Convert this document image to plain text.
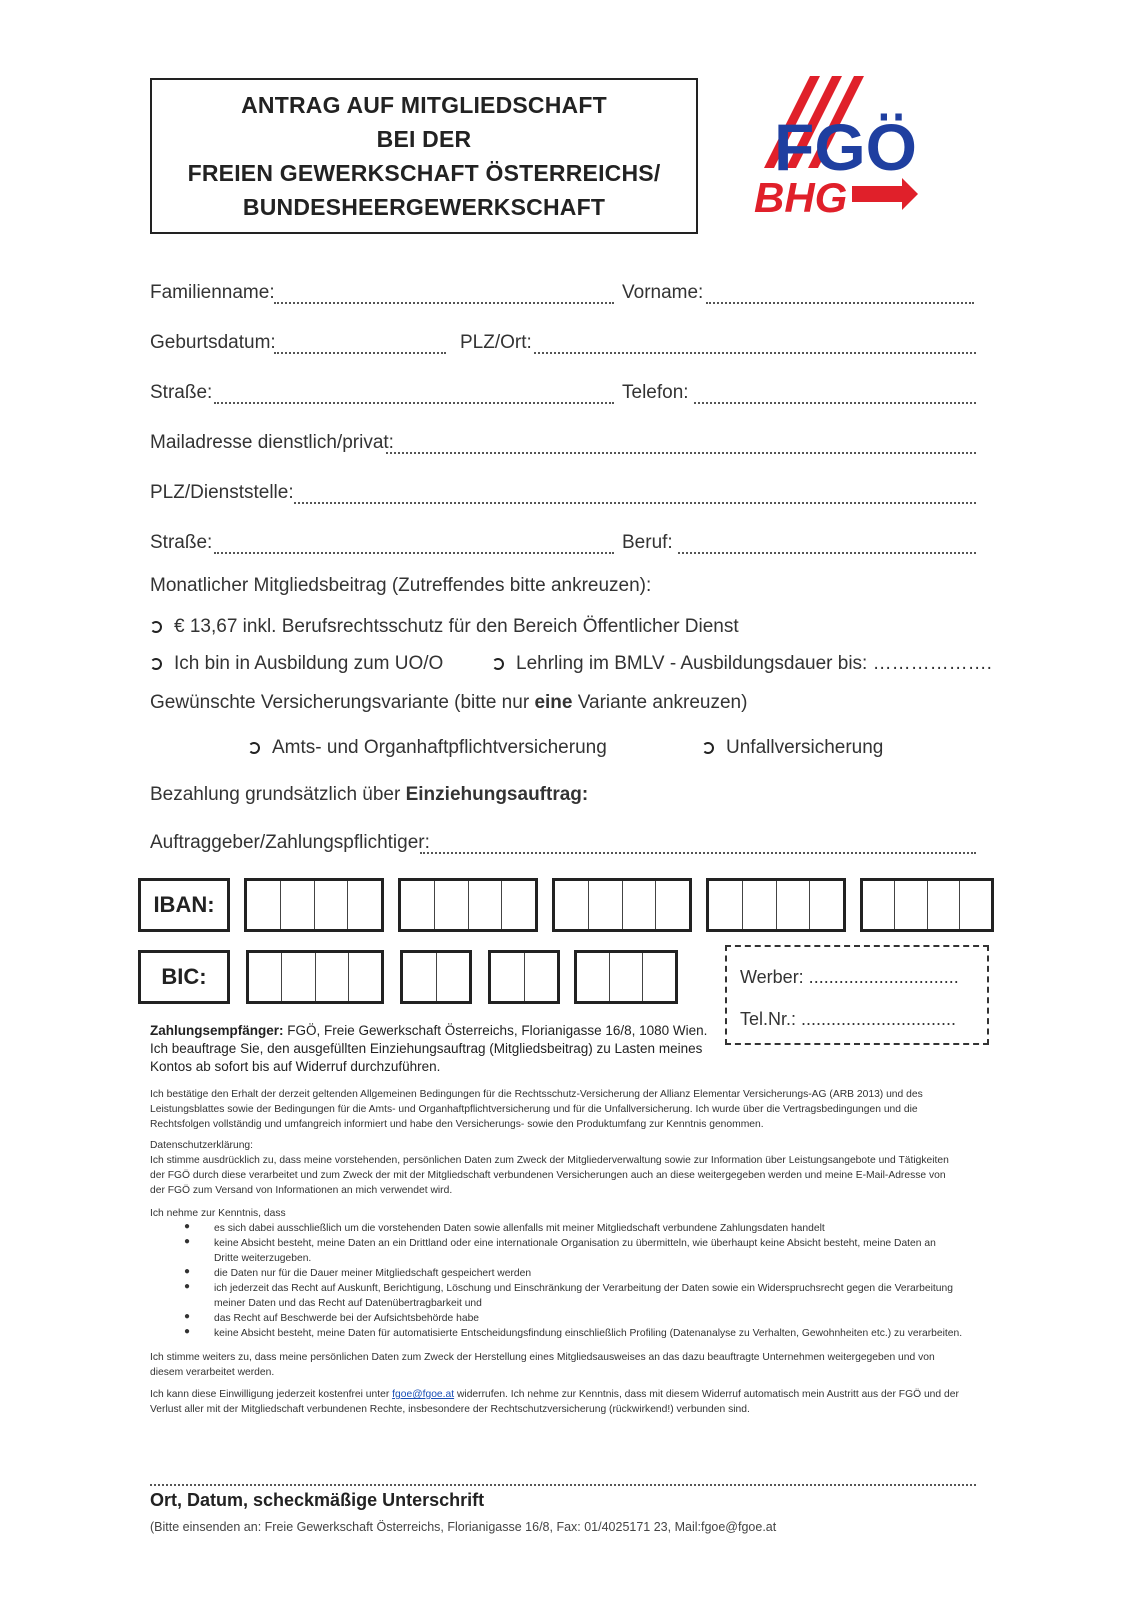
ANTRAG AUF MITGLIEDSCHAFT
BEI DER
FREIEN GEWERKSCHAFT ÖSTERREICHS/
BUNDESHEERGEWERKSCHAFT
FGÖ
BHG
Familienname:	Vorname:
Geburtsdatum:	PLZ/Ort:
Straße:	Telefon:
Mailadresse dienstlich/privat:
PLZ/Dienststelle:
Straße:	Beruf:
Monatlicher Mitgliedsbeitrag (Zutreffendes bitte ankreuzen):
€ 13,67 inkl. Berufsrechtsschutz für den Bereich Öffentlicher Dienst
Ich bin in Ausbildung zum UO/O	Lehrling im BMLV - Ausbildungsdauer bis: ……………….
Gewünschte Versicherungsvariante (bitte nur eine Variante ankreuzen)
Amts- und Organhaftpflichtversicherung	Unfallversicherung
Bezahlung grundsätzlich über Einziehungsauftrag:
Auftraggeber/Zahlungspflichtiger:
IBAN:
BIC:	Werber: ..............................
Tel.Nr.: ...............................
Zahlungsempfänger: FGÖ, Freie Gewerkschaft Österreichs, Florianigasse 16/8, 1080 Wien.
Ich beauftrage Sie, den ausgefüllten Einziehungsauftrag (Mitgliedsbeitrag) zu Lasten meines
Kontos ab sofort bis auf Widerruf durchzuführen.
Ich bestätige den Erhalt der derzeit geltenden Allgemeinen Bedingungen für die Rechtsschutz-Versicherung der Allianz Elementar Versicherungs-AG (ARB 2013) und des
Leistungsblattes sowie der Bedingungen für die Amts- und Organhaftpflichtversicherung und für die Unfallversicherung. Ich wurde über die Vertragsbedingungen und die
Rechtsfolgen vollständig und umfangreich informiert und habe den Versicherungs- sowie den Produktumfang zur Kenntnis genommen.
Datenschutzerklärung:
Ich stimme ausdrücklich zu, dass meine vorstehenden, persönlichen Daten zum Zweck der Mitgliederverwaltung sowie zur Information über Leistungsangebote und Tätigkeiten
der FGÖ durch diese verarbeitet und zum Zweck der mit der Mitgliedschaft verbundenen Versicherungen auch an diese weitergegeben werden und meine E-Mail-Adresse von
der FGÖ zum Versand von Informationen an mich verwendet wird.
Ich nehme zur Kenntnis, dass
● es sich dabei ausschließlich um die vorstehenden Daten sowie allenfalls mit meiner Mitgliedschaft verbundene Zahlungsdaten handelt
● keine Absicht besteht, meine Daten an ein Drittland oder eine internationale Organisation zu übermitteln, wie überhaupt keine Absicht besteht, meine Daten an
Dritte weiterzugeben.
● die Daten nur für die Dauer meiner Mitgliedschaft gespeichert werden
● ich jederzeit das Recht auf Auskunft, Berichtigung, Löschung und Einschränkung der Verarbeitung der Daten sowie ein Widerspruchsrecht gegen die Verarbeitung
meiner Daten und das Recht auf Datenübertragbarkeit und
● das Recht auf Beschwerde bei der Aufsichtsbehörde habe
● keine Absicht besteht, meine Daten für automatisierte Entscheidungsfindung einschließlich Profiling (Datenanalyse zu Verhalten, Gewohnheiten etc.) zu verarbeiten.
Ich stimme weiters zu, dass meine persönlichen Daten zum Zweck der Herstellung eines Mitgliedsausweises an das dazu beauftragte Unternehmen weitergegeben und von
diesem verarbeitet werden.
Ich kann diese Einwilligung jederzeit kostenfrei unter fgoe@fgoe.at widerrufen. Ich nehme zur Kenntnis, dass mit diesem Widerruf automatisch mein Austritt aus der FGÖ und der
Verlust aller mit der Mitgliedschaft verbundenen Rechte, insbesondere der Rechtschutzversicherung (rückwirkend!) verbunden sind.
Ort, Datum, scheckmäßige Unterschrift
(Bitte einsenden an: Freie Gewerkschaft Österreichs, Florianigasse 16/8, Fax: 01/4025171 23, Mail:fgoe@fgoe.at
